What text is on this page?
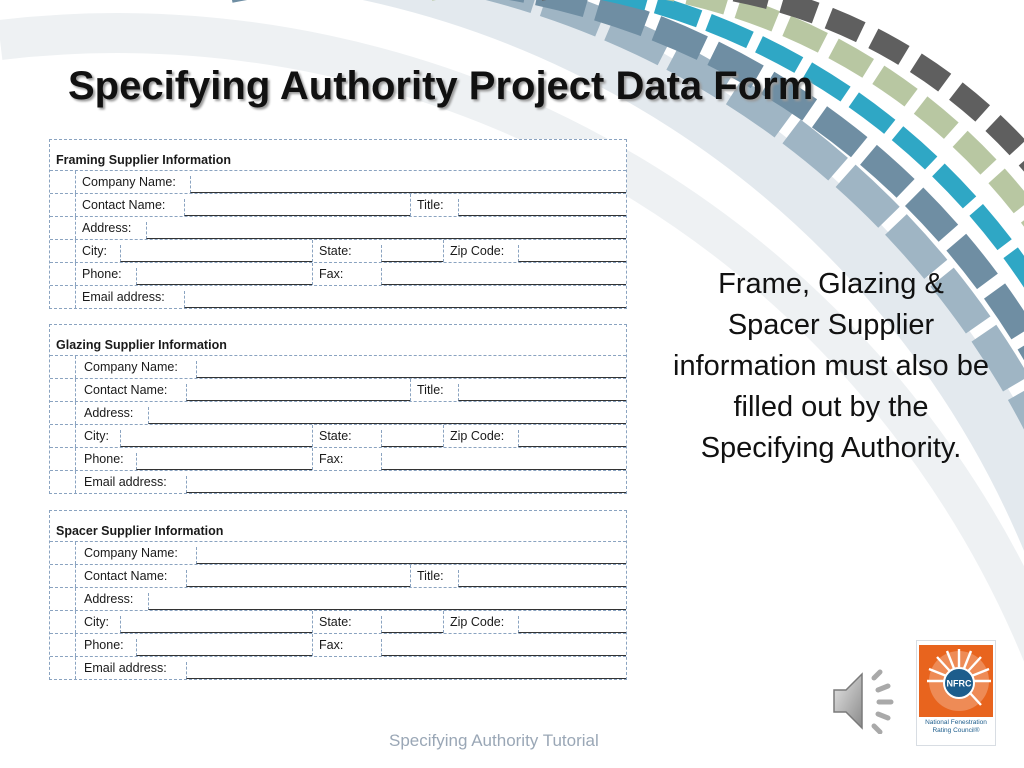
Specifying Authority Project Data Form
Framing Supplier Information
Company Name:
Contact Name:	Title:
Address:
City:	State:	Zip Code:
Phone:	Fax:
Email address:
Glazing Supplier Information
Company Name:
Contact Name:	Title:
Address:
City:	State:	Zip Code:
Phone:	Fax:
Email address:
Spacer Supplier Information
Company Name:
Contact Name:	Title:
Address:
City:	State:	Zip Code:
Phone:	Fax:
Email address:
Frame, Glazing & Spacer Supplier information must also be filled out by the Specifying Authority.
Specifying Authority Tutorial
NFRC
National Fenestration Rating Council®
